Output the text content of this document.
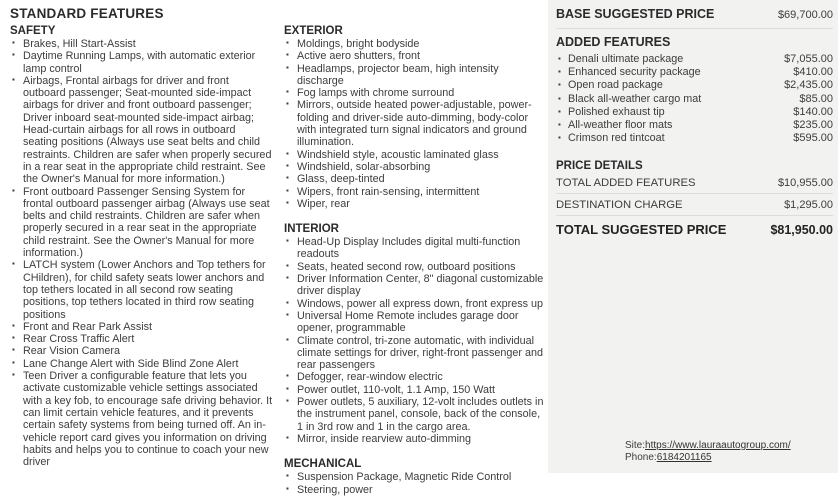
STANDARD FEATURES
SAFETY
▪ Brakes, Hill Start-Assist
▪ Daytime Running Lamps, with automatic exterior lamp control
▪ Airbags, Frontal airbags for driver and front outboard passenger; Seat-mounted side-impact airbags for driver and front outboard passenger; Driver inboard seat-mounted side-impact airbag; Head-curtain airbags for all rows in outboard seating positions (Always use seat belts and child restraints. Children are safer when properly secured in a rear seat in the appropriate child restraint. See the Owner's Manual for more information.)
▪ Front outboard Passenger Sensing System for frontal outboard passenger airbag (Always use seat belts and child restraints. Children are safer when properly secured in a rear seat in the appropriate child restraint. See the Owner's Manual for more information.)
▪ LATCH system (Lower Anchors and Top tethers for CHildren), for child safety seats lower anchors and top tethers located in all second row seating positions, top tethers located in third row seating positions
▪ Front and Rear Park Assist
▪ Rear Cross Traffic Alert
▪ Rear Vision Camera
▪ Lane Change Alert with Side Blind Zone Alert
▪ Teen Driver a configurable feature that lets you activate customizable vehicle settings associated with a key fob, to encourage safe driving behavior. It can limit certain vehicle features, and it prevents certain safety systems from being turned off. An in-vehicle report card gives you information on driving habits and helps you to continue to coach your new driver
EXTERIOR
▪ Moldings, bright bodyside
▪ Active aero shutters, front
▪ Headlamps, projector beam, high intensity discharge
▪ Fog lamps with chrome surround
▪ Mirrors, outside heated power-adjustable, power-folding and driver-side auto-dimming, body-color with integrated turn signal indicators and ground illumination.
▪ Windshield style, acoustic laminated glass
▪ Windshield, solar-absorbing
▪ Glass, deep-tinted
▪ Wipers, front rain-sensing, intermittent
▪ Wiper, rear
INTERIOR
▪ Head-Up Display Includes digital multi-function readouts
▪ Seats, heated second row, outboard positions
▪ Driver Information Center, 8" diagonal customizable driver display
▪ Windows, power all express down, front express up
▪ Universal Home Remote includes garage door opener, programmable
▪ Climate control, tri-zone automatic, with individual climate settings for driver, right-front passenger and rear passengers
▪ Defogger, rear-window electric
▪ Power outlet, 110-volt, 1.1 Amp, 150 Watt
▪ Power outlets, 5 auxiliary, 12-volt includes outlets in the instrument panel, console, back of the console, 1 in 3rd row and 1 in the cargo area.
▪ Mirror, inside rearview auto-dimming
MECHANICAL
▪ Suspension Package, Magnetic Ride Control
▪ Steering, power
BASE SUGGESTED PRICE	$69,700.00
ADDED FEATURES
▪ Denali ultimate package	$7,055.00
▪ Enhanced security package	$410.00
▪ Open road package	$2,435.00
▪ Black all-weather cargo mat	$85.00
▪ Polished exhaust tip	$140.00
▪ All-weather floor mats	$235.00
▪ Crimson red tintcoat	$595.00
PRICE DETAILS
TOTAL ADDED FEATURES	$10,955.00
DESTINATION CHARGE	$1,295.00
TOTAL SUGGESTED PRICE	$81,950.00
Site:https://www.lauraautogroup.com/
Phone:6184201165
